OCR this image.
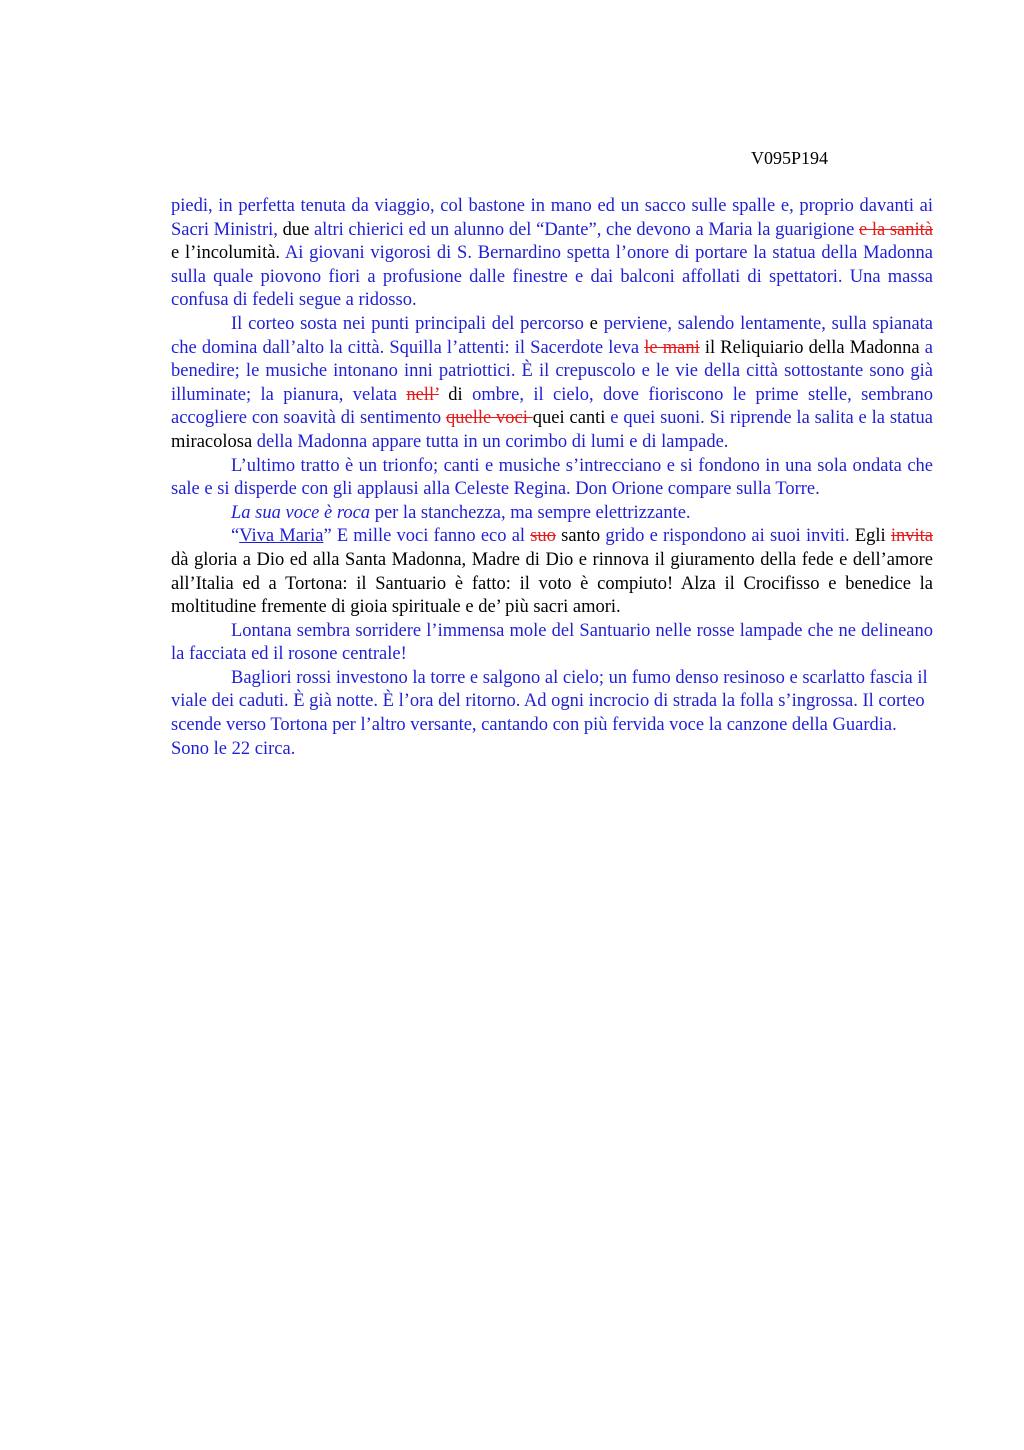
V095P194

piedi, in perfetta tenuta da viaggio, col bastone in mano ed un sacco sulle spalle e, proprio davanti ai Sacri Ministri, due altri chierici ed un alunno del “Dante”, che devono a Maria la guarigione e la sanità e l’incolumità. Ai giovani vigorosi di S. Bernardino spetta l’onore di portare la statua della Madonna sulla quale piovono fiori a profusione dalle finestre e dai balconi affollati di spettatori. Una massa confusa di fedeli segue a ridosso.

Il corteo sosta nei punti principali del percorso e perviene, salendo lentamente, sulla spianata che domina dall’alto la città. Squilla l’attenti: il Sacerdote leva le mani il Reliquiario della Madonna a benedire; le musiche intonano inni patriottici. È il crepuscolo e le vie della città sottostante sono già illuminate; la pianura, velata nell’ di ombre, il cielo, dove fioriscono le prime stelle, sembrano accogliere con soavità di sentimento quelle voci quei canti e quei suoni. Si riprende la salita e la statua miracolosa della Madonna appare tutta in un corimbo di lumi e di lampade.

L’ultimo tratto è un trionfo; canti e musiche s’intrecciano e si fondono in una sola ondata che sale e si disperde con gli applausi alla Celeste Regina. Don Orione compare sulla Torre.

La sua voce è roca per la stanchezza, ma sempre elettrizzante.

“Viva Maria” E mille voci fanno eco al suo santo grido e rispondono ai suoi inviti. Egli invita dà gloria a Dio ed alla Santa Madonna, Madre di Dio e rinnova il giuramento della fede e dell’amore all’Italia ed a Tortona: il Santuario è fatto: il voto è compiuto! Alza il Crocifisso e benedice la moltitudine fremente di gioia spirituale e de’ più sacri amori.

Lontana sembra sorridere l’immensa mole del Santuario nelle rosse lampade che ne delineano la facciata ed il rosone centrale!

Bagliori rossi investono la torre e salgono al cielo; un fumo denso resinoso e scarlatto fascia il viale dei caduti. È già notte. È l’ora del ritorno. Ad ogni incrocio di strada la folla s’ingrossa. Il corteo scende verso Tortona per l’altro versante, cantando con più fervida voce la canzone della Guardia. Sono le 22 circa.
